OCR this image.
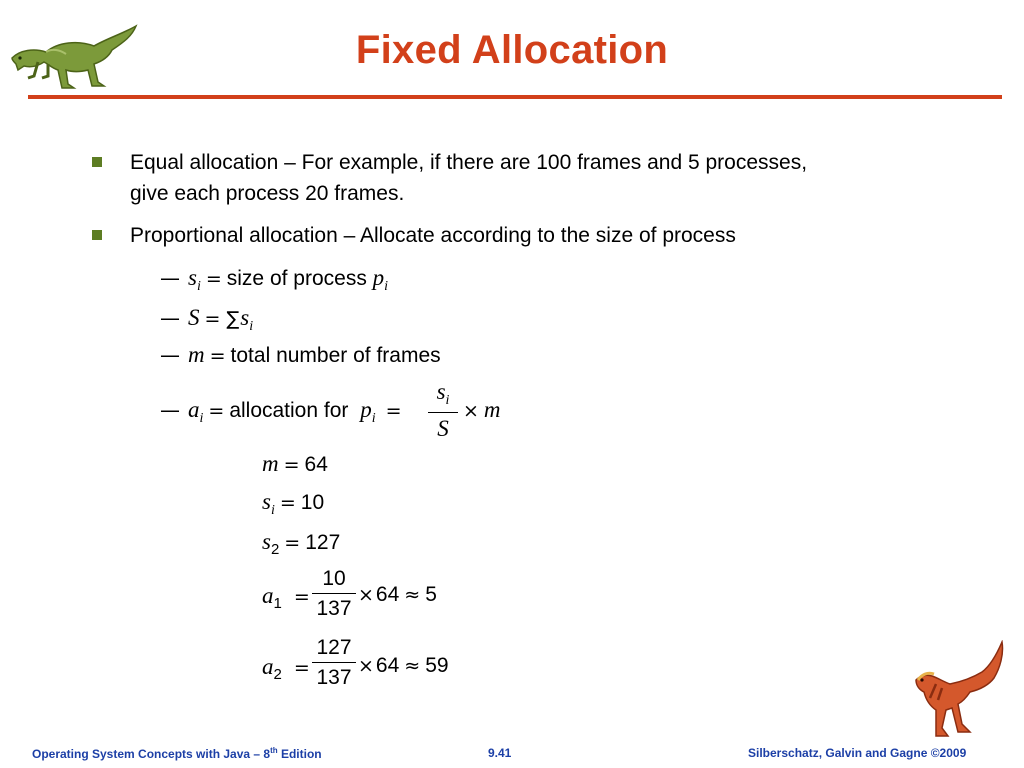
Fixed Allocation
Equal allocation – For example, if there are 100 frames and 5 processes, give each process 20 frames.
Proportional allocation – Allocate according to the size of process
— $s_i$ = size of process $p_i$
— $S = \sum s_i$
— m = total number of frames
— $a_i$ = allocation for $p_i$ =
si
S
× m
m = 64
$s_i = 10$
$s_2 = 127$
$a_1$ =
10
137
×64 ≈ 5
$a_2$ =
127
137 ×64 ≈ 59
Operating System Concepts with Java – 8th Edition	9.41	Silberschatz, Galvin and Gagne ©2009
